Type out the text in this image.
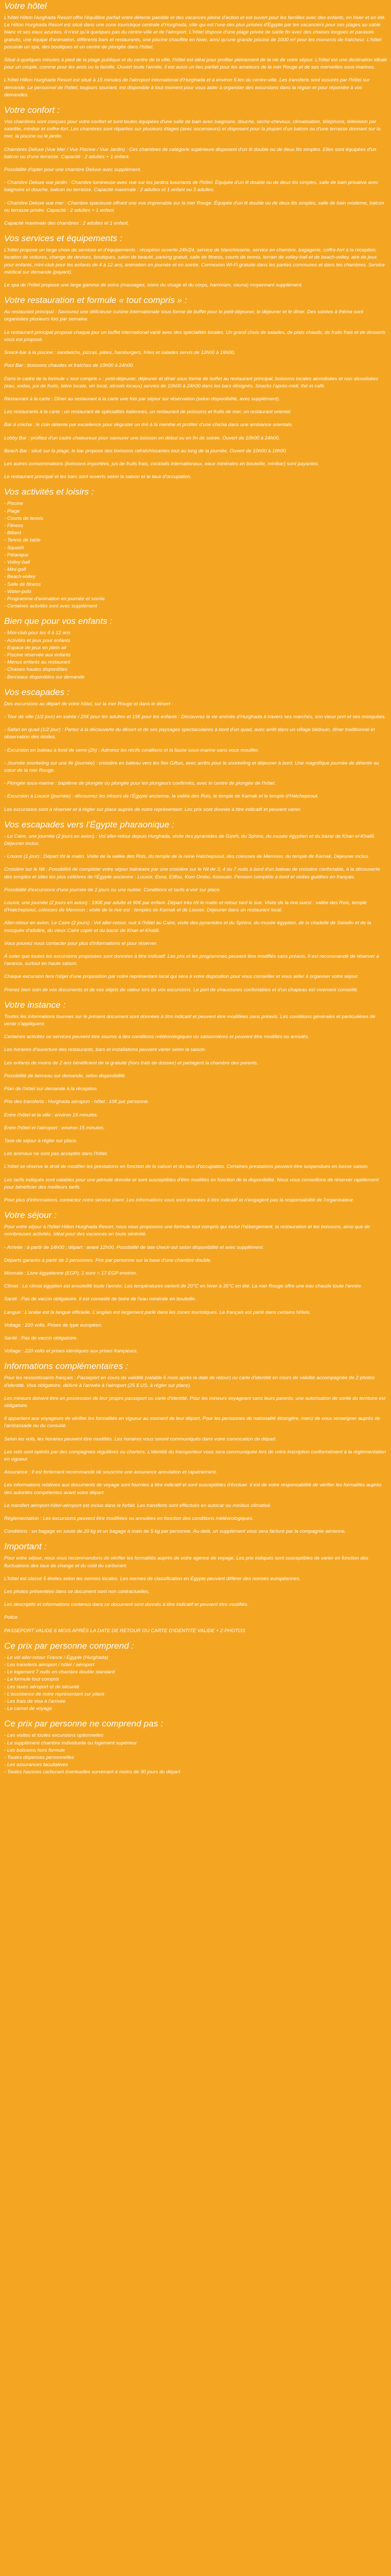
Votre hôtel

L'hôtel Hilton Hurghada Resort offre l'équilibre parfait entre détente paisible et des vacances pleine d'action et est ouvert pour les familles avec des enfants, en hiver et en été. Le Hilton Hurghada Resort est situé dans une zone touristique centrale d'Hurghada, ville qui est l'une des plus prisées d'Égypte par les vacanciers pour ses plages au sable blanc et ses eaux azurées. Il n'est qu'à quelques pas du centre-ville et de l'aéroport. L'hôtel dispose d'une plage privée de sable fin avec des chaises longues et parasols gratuits, une équipe d'animation, différents bars et restaurants, une piscine chauffée en hiver, ainsi qu'une grande piscine de 1000 m² pour les moments de fraîcheur. L'hôtel possède un spa, des boutiques et un centre de plongée dans l'hôtel.

Situé à quelques minutes à pied de la plage publique et du centre de la ville, l'hôtel est idéal pour profiter pleinement de la vie de votre séjour. L'hôtel est une destination idéale pour un couple, comme pour les amis ou la famille. Ouvert toute l'année, il est aussi un lieu parfait pour les amateurs de la mer Rouge et de ses merveilles sous-marines.

L'hôtel Hilton Hurghada Resort est situé à 15 minutes de l'aéroport international d'Hurghada et à environ 5 km du centre-ville. Les transferts sont assurés par l'hôtel sur demande. Le personnel de l'hôtel, toujours souriant, est disponible à tout moment pour vous aider à organiser des excursions dans la région et pour répondre à vos demandes.

Votre confort :

Vos chambres sont conçues pour votre confort et sont toutes équipées d'une salle de bain avec baignoire, douche, sèche-cheveux, climatisation, téléphone, télévision par satellite, minibar et coffre-fort. Les chambres sont réparties sur plusieurs étages (avec ascenseurs) et disposent pour la plupart d'un balcon ou d'une terrasse donnant sur la mer, la piscine ou le jardin.

Chambres Deluxe (Vue Mer / Vue Piscine / Vue Jardin) : Ces chambres de catégorie supérieure disposent d'un lit double ou de deux lits simples. Elles sont équipées d'un balcon ou d'une terrasse. Capacité : 2 adultes + 1 enfant.

Possibilité d'opter pour une chambre Deluxe avec supplément.

- Chambre Deluxe vue jardin : Chambre lumineuse avec vue sur les jardins luxuriants de l'hôtel. Équipée d'un lit double ou de deux lits simples, salle de bain privative avec baignoire et douche, balcon ou terrasse. Capacité maximale : 2 adultes et 1 enfant ou 3 adultes.

- Chambre Deluxe vue mer : Chambre spacieuse offrant une vue imprenable sur la mer Rouge. Équipée d'un lit double ou de deux lits simples, salle de bain moderne, balcon ou terrasse privée. Capacité : 2 adultes + 1 enfant.

Capacité maximale des chambres : 2 adultes et 1 enfant.

Vos services et équipements :

L'hôtel propose un large choix de services et d'équipements : réception ouverte 24h/24, service de blanchisserie, service en chambre, bagagerie, coffre-fort à la réception, location de voitures, change de devises, boutiques, salon de beauté, parking gratuit, salle de fitness, courts de tennis, terrain de volley-ball et de beach-volley, aire de jeux pour enfants, mini-club pour les enfants de 4 à 12 ans, animation en journée et en soirée. Connexion Wi-Fi gratuite dans les parties communes et dans les chambres. Service médical sur demande (payant).

Le spa de l'hôtel propose une large gamme de soins (massages, soins du visage et du corps, hammam, sauna) moyennant supplément.

Votre restauration et formule « tout compris » :

Au restaurant principal : Savourez une délicieuse cuisine internationale sous forme de buffet pour le petit-déjeuner, le déjeuner et le dîner. Des soirées à thème sont organisées plusieurs fois par semaine.

Le restaurant principal propose chaque jour un buffet international varié avec des spécialités locales. Un grand choix de salades, de plats chauds, de fruits frais et de desserts vous est proposé.

Snack-bar à la piscine : sandwichs, pizzas, pâtes, hamburgers, frites et salades servis de 12h00 à 16h00.

Pool Bar : boissons chaudes et fraîches de 10h00 à 24h00.

Dans le cadre de la formule « tout compris » : petit-déjeuner, déjeuner et dîner sous forme de buffet au restaurant principal, boissons locales alcoolisées et non alcoolisées (eau, sodas, jus de fruits, bière locale, vin local, alcools locaux) servies de 10h00 à 24h00 dans les bars désignés. Snacks l'après-midi, thé et café.

Restaurant à la carte : Dîner au restaurant à la carte une fois par séjour sur réservation (selon disponibilité, avec supplément).

Les restaurants à la carte : un restaurant de spécialités italiennes, un restaurant de poissons et fruits de mer, un restaurant oriental.

Bar à chicha : le coin détente par excellence pour déguster un thé à la menthe et profiter d'une chicha dans une ambiance orientale.

Lobby Bar : profitez d'un cadre chaleureux pour savourer une boisson en début ou en fin de soirée. Ouvert de 10h00 à 24h00.

Beach Bar : situé sur la plage, le bar propose des boissons rafraîchissantes tout au long de la journée. Ouvert de 10h00 à 18h00.

Les autres consommations (boissons importées, jus de fruits frais, cocktails internationaux, eaux minérales en bouteille, minibar) sont payantes.

Le restaurant principal et les bars sont ouverts selon la saison et le taux d'occupation.

Vos activités et loisirs :
- Piscine
- Plage
- Courts de tennis
- Fitness
- Billard
- Tennis de table
- Squash
- Pétanque
- Volley-ball
- Mini-golf
- Beach-volley
- Salle de fitness
- Water-polo
- Programme d'animation en journée et soirée
- Certaines activités sont avec supplément
Bien que pour vos enfants :
- Mini-club pour les 4 à 12 ans
- Activités et jeux pour enfants
- Espace de jeux en plein air
- Piscine réservée aux enfants
- Menus enfants au restaurant
- Chaises hautes disponibles
- Berceaux disponibles sur demande
Vos escapades :

Des excursions au départ de votre hôtel, sur la mer Rouge et dans le désert :

- Tour de ville (1/2 jour) en soirée / 25€ pour les adultes et 15€ pour les enfants : Découvrez la vie animée d'Hurghada à travers ses marchés, son vieux port et ses mosquées.

- Safari en quad (1/2 jour) : Partez à la découverte du désert et de ses paysages spectaculaires à bord d'un quad, avec arrêt dans un village bédouin, dîner traditionnel et observation des étoiles.

- Excursion en bateau à fond de verre (2h) : Admirez les récifs coralliens et la faune sous-marine sans vous mouiller.

- Journée snorkeling sur une île (journée) : croisière en bateau vers les îles Giftun, avec arrêts pour le snorkeling et déjeuner à bord. Une magnifique journée de détente au cœur de la mer Rouge.

- Plongée sous-marine : baptême de plongée ou plongée pour les plongeurs confirmés, avec le centre de plongée de l'hôtel.

- Excursion à Louxor (journée) : découvrez les trésors de l'Égypte ancienne, la vallée des Rois, le temple de Karnak et le temple d'Hatchepsout.

Les excursions sont à réserver et à régler sur place auprès de notre représentant. Les prix sont donnés à titre indicatif et peuvent varier.

Vos escapades vers l'Égypte pharaonique :

- Le Caire, une journée (2 jours en avion) : Vol aller-retour depuis Hurghada, visite des pyramides de Gizeh, du Sphinx, du musée égyptien et du bazar de Khan el-Khalili. Déjeuner inclus.

- Louxor (1 jour) : Départ tôt le matin. Visite de la vallée des Rois, du temple de la reine Hatchepsout, des colosses de Memnon, du temple de Karnak. Déjeuner inclus.

Croisière sur le Nil : Possibilité de compléter votre séjour balnéaire par une croisière sur le Nil de 3, 4 ou 7 nuits à bord d'un bateau de croisière confortable, à la découverte des temples et sites les plus célèbres de l'Égypte ancienne : Louxor, Esna, Edfou, Kom Ombo, Assouan. Pension complète à bord et visites guidées en français.

Possibilité d'excursions d'une journée de 2 jours ou une nuitée. Conditions et tarifs à voir sur place.

Louxor, une journée (2 jours en avion) : 190€ par adulte et 90€ par enfant. Départ très tôt le matin et retour tard le soir. Visite de la rive ouest : vallée des Rois, temple d'Hatchepsout, colosses de Memnon ; visite de la rive est : temples de Karnak et de Louxor. Déjeuner dans un restaurant local.

Aller-retour en avion, Le Caire (2 jours) : Vol aller-retour, nuit à l'hôtel au Caire, visite des pyramides et du Sphinx, du musée égyptien, de la citadelle de Saladin et de la mosquée d'albâtre, du vieux Caire copte et du bazar de Khan el-Khalili.

Vous pouvez nous contacter pour plus d'informations et pour réserver.

À noter que toutes les excursions proposées sont données à titre indicatif. Les prix et les programmes peuvent être modifiés sans préavis. Il est recommandé de réserver à l'avance, surtout en haute saison.

Chaque excursion fera l'objet d'une proposition par notre représentant local qui sera à votre disposition pour vous conseiller et vous aider à organiser votre séjour.

Prenez bien soin de vos documents et de vos objets de valeur lors de vos excursions. Le port de chaussures confortables et d'un chapeau est vivement conseillé.

Votre instance :

Toutes les informations fournies sur le présent document sont données à titre indicatif et peuvent être modifiées sans préavis. Les conditions générales et particulières de vente s'appliquent.

Certaines activités ou services peuvent être soumis à des conditions météorologiques ou saisonnières et peuvent être modifiés ou annulés.

Les horaires d'ouverture des restaurants, bars et installations peuvent varier selon la saison.

Les enfants de moins de 2 ans bénéficient de la gratuité (hors frais de dossier) et partagent la chambre des parents.

Possibilité de berceau sur demande, selon disponibilité.

Plan de l'hôtel sur demande à la réception.

Prix des transferts : Hurghada aéroport - hôtel : 10€ par personne.

Entre l'hôtel et la ville : environ 15 minutes.

Entre l'hôtel et l'aéroport : environ 15 minutes.

Taxe de séjour à régler sur place.

Les animaux ne sont pas acceptés dans l'hôtel.

L'hôtel se réserve le droit de modifier les prestations en fonction de la saison et du taux d'occupation. Certaines prestations peuvent être suspendues en basse saison.

Les tarifs indiqués sont valables pour une période donnée et sont susceptibles d'être modifiés en fonction de la disponibilité. Nous vous conseillons de réserver rapidement pour bénéficier des meilleurs tarifs.

Pour plus d'informations, contactez notre service client. Les informations vous sont données à titre indicatif et n'engagent pas la responsabilité de l'organisateur.

Votre séjour :

Pour votre séjour à l'hôtel Hilton Hurghada Resort, nous vous proposons une formule tout compris qui inclut l'hébergement, la restauration et les boissons, ainsi que de nombreuses activités. Idéal pour des vacances en toute sérénité.

- Arrivée : à partir de 14h00 ; départ : avant 12h00. Possibilité de late check-out selon disponibilité et avec supplément.

Départs garantis à partir de 2 personnes. Prix par personne sur la base d'une chambre double.

Monnaie : Livre égyptienne (EGP). 1 euro = 17 EGP environ.

Climat : Le climat égyptien est ensoleillé toute l'année. Les températures varient de 20°C en hiver à 35°C en été. La mer Rouge offre une eau chaude toute l'année.

Santé : Pas de vaccin obligatoire. Il est conseillé de boire de l'eau minérale en bouteille.

Langue : L'arabe est la langue officielle. L'anglais est largement parlé dans les zones touristiques. Le français est parlé dans certains hôtels.

Voltage : 220 volts. Prises de type européen.

Santé : Pas de vaccin obligatoire.

Voltage : 220 volts et prises identiques aux prises françaises.

Informations complémentaires :

Pour les ressortissants français : Passeport en cours de validité (valable 6 mois après la date de retour) ou carte d'identité en cours de validité accompagnée de 2 photos d'identité. Visa obligatoire, délivré à l'arrivée à l'aéroport (25 $ US, à régler sur place).

Les mineurs doivent être en possession de leur propre passeport ou carte d'identité. Pour les mineurs voyageant sans leurs parents, une autorisation de sortie du territoire est obligatoire.

Il appartient aux voyageurs de vérifier les formalités en vigueur au moment de leur départ. Pour les personnes de nationalité étrangère, merci de vous renseigner auprès de l'ambassade ou du consulat.

Selon les vols, les horaires peuvent être modifiés. Les horaires vous seront communiqués dans votre convocation de départ.

Les vols sont opérés par des compagnies régulières ou charters. L'identité du transporteur vous sera communiquée lors de votre inscription conformément à la réglementation en vigueur.

Assurance : Il est fortement recommandé de souscrire une assurance annulation et rapatriement.

Les informations relatives aux documents de voyage sont fournies à titre indicatif et sont susceptibles d'évoluer. Il est de votre responsabilité de vérifier les formalités auprès des autorités compétentes avant votre départ.

Le transfert aéroport-hôtel-aéroport est inclus dans le forfait. Les transferts sont effectués en autocar ou minibus climatisé.

Réglementation : Les excursions peuvent être modifiées ou annulées en fonction des conditions météorologiques.

Conditions : un bagage en soute de 20 kg et un bagage à main de 5 kg par personne. Au-delà, un supplément vous sera facturé par la compagnie aérienne.

Important :

Pour votre séjour, nous vous recommandons de vérifier les formalités auprès de votre agence de voyage. Les prix indiqués sont susceptibles de varier en fonction des fluctuations des taux de change et du coût du carburant.

L'hôtel est classé 5 étoiles selon les normes locales. Les normes de classification en Égypte peuvent différer des normes européennes.

Les photos présentées dans ce document sont non contractuelles.

Les descriptifs et informations contenus dans ce document sont donnés à titre indicatif et peuvent être modifiés.

Police

PASSEPORT VALIDE 6 MOIS APRÈS LA DATE DE RETOUR OU CARTE D'IDENTITÉ VALIDE + 2 PHOTOS

Ce prix par personne comprend :
- Le vol aller-retour France / Égypte (Hurghada)
- Les transferts aéroport / hôtel / aéroport
- Le logement 7 nuits en chambre double standard
- La formule tout compris
- Les taxes aéroport et de sécurité
- L'assistance de notre représentant sur place
- Les frais de visa à l'arrivée
- Le carnet de voyage
Ce prix par personne ne comprend pas :
- Les visites et toutes excursions optionnelles
- Le supplément chambre individuelle ou logement supérieur
- Les boissons hors formule
- Toutes dépenses personnelles
- Les assurances facultatives
- Toutes hausses carburant éventuelles survenant à moins de 30 jours du départ
